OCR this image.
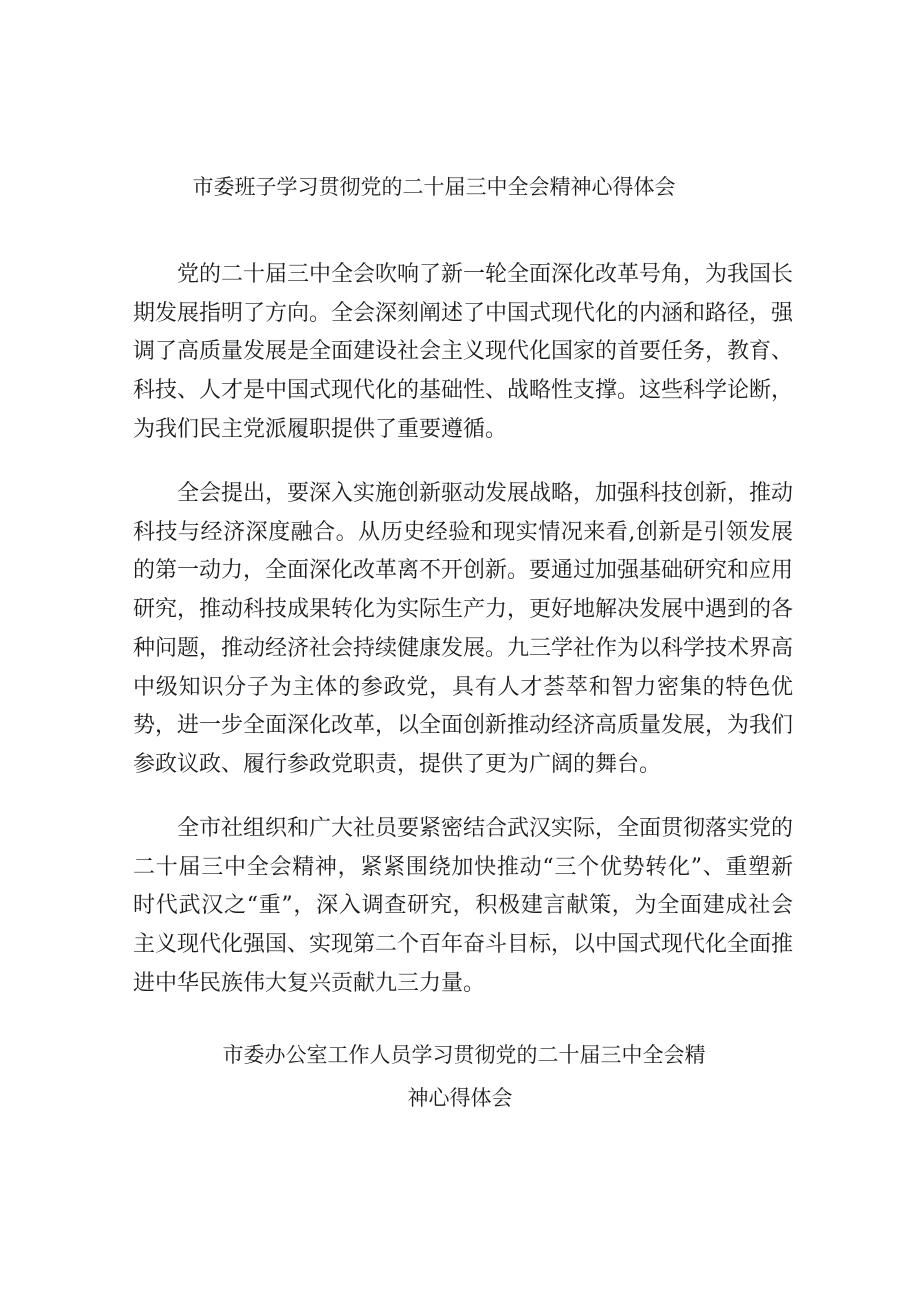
市委班子学习贯彻党的二十届三中全会精神心得体会

党的二十届三中全会吹响了新一轮全面深化改革号角，为我国长期发展指明了方向。全会深刻阐述了中国式现代化的内涵和路径，强调了高质量发展是全面建设社会主义现代化国家的首要任务，教育、科技、人才是中国式现代化的基础性、战略性支撑。这些科学论断，为我们民主党派履职提供了重要遵循。

全会提出，要深入实施创新驱动发展战略，加强科技创新，推动科技与经济深度融合。从历史经验和现实情况来看,创新是引领发展的第一动力，全面深化改革离不开创新。要通过加强基础研究和应用研究，推动科技成果转化为实际生产力，更好地解决发展中遇到的各种问题，推动经济社会持续健康发展。九三学社作为以科学技术界高中级知识分子为主体的参政党，具有人才荟萃和智力密集的特色优势，进一步全面深化改革，以全面创新推动经济高质量发展，为我们参政议政、履行参政党职责，提供了更为广阔的舞台。

全市社组织和广大社员要紧密结合武汉实际，全面贯彻落实党的二十届三中全会精神，紧紧围绕加快推动“三个优势转化”、重塑新时代武汉之“重”，深入调查研究，积极建言献策，为全面建成社会主义现代化强国、实现第二个百年奋斗目标，以中国式现代化全面推进中华民族伟大复兴贡献九三力量。

市委办公室工作人员学习贯彻党的二十届三中全会精
神心得体会
